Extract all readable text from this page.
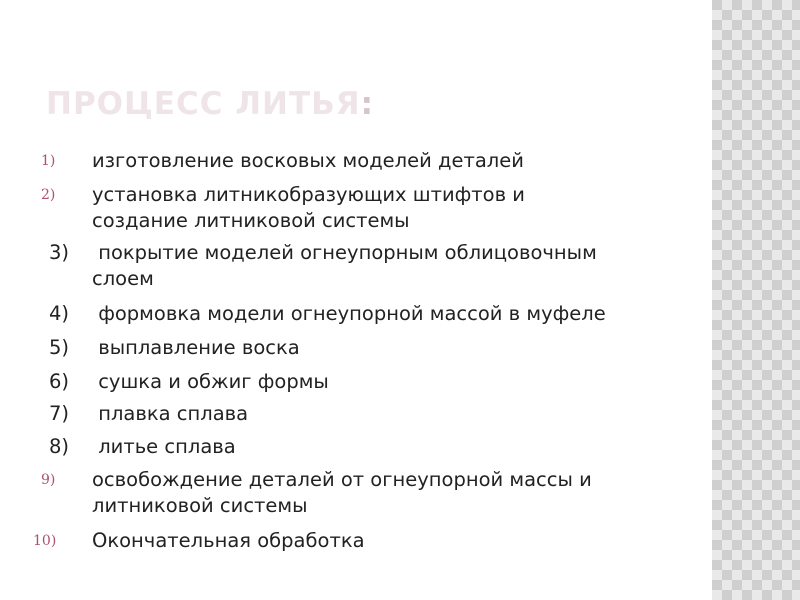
ПРОЦЕСС ЛИТЬЯ:
1) изготовление восковых моделей деталей
2) установка литникобразующих штифтов и
создание литниковой системы
3)	покрытие моделей огнеупорным облицовочным
слоем
4) формовка модели огнеупорной массой в муфеле
5) выплавление воска
6) сушка и обжиг формы
7) плавка сплава
8) литье сплава
9) освобождение деталей от огнеупорной массы и
литниковой системы
10) Окончательная обработка
